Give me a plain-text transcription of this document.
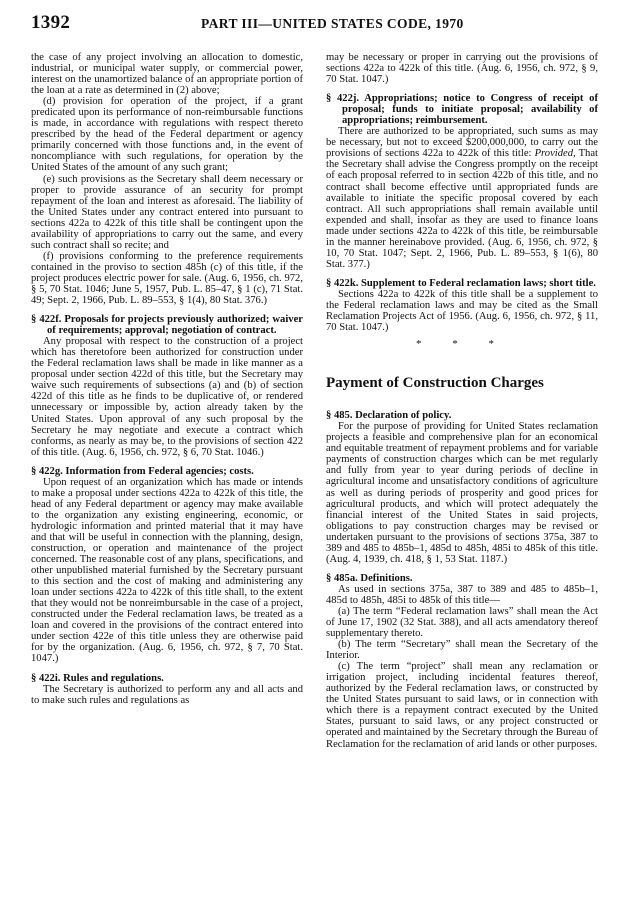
1392	PART III—UNITED STATES CODE, 1970

the case of any project involving an allocation to domestic, industrial, or municipal water supply, or commercial power, interest on the unamortized balance of an appropriate portion of the loan at a rate as determined in (2) above;

(d) provision for operation of the project, if a grant predicated upon its performance of non-reimbursable functions is made, in accordance with regulations with respect thereto prescribed by the head of the Federal department or agency primarily concerned with those functions and, in the event of noncompliance with such regulations, for operation by the United States of the amount of any such grant;

(e) such provisions as the Secretary shall deem necessary or proper to provide assurance of an security for prompt repayment of the loan and interest as aforesaid. The liability of the United States under any contract entered into pursuant to sections 422a to 422k of this title shall be contingent upon the availability of appropriations to carry out the same, and every such contract shall so recite; and

(f) provisions conforming to the preference requirements contained in the proviso to section 485h (c) of this title, if the project produces electric power for sale. (Aug. 6, 1956, ch. 972, § 5, 70 Stat. 1046; June 5, 1957, Pub. L. 85–47, § 1 (c), 71 Stat. 49; Sept. 2, 1966, Pub. L. 89–553, § 1(4), 80 Stat. 376.)

§ 422f. Proposals for projects previously authorized; waiver of requirements; approval; negotiation of contract.

Any proposal with respect to the construction of a project which has theretofore been authorized for construction under the Federal reclamation laws shall be made in like manner as a proposal under section 422d of this title, but the Secretary may waive such requirements of subsections (a) and (b) of section 422d of this title as he finds to be duplicative of, or rendered unnecessary or impossible by, action already taken by the United States. Upon approval of any such proposal by the Secretary he may negotiate and execute a contract which conforms, as nearly as may be, to the provisions of section 422 of this title. (Aug. 6, 1956, ch. 972, § 6, 70 Stat. 1046.)

§ 422g. Information from Federal agencies; costs.

Upon request of an organization which has made or intends to make a proposal under sections 422a to 422k of this title, the head of any Federal department or agency may make available to the organization any existing engineering, economic, or hydrologic information and printed material that it may have and that will be useful in connection with the planning, design, construction, or operation and maintenance of the project concerned. The reasonable cost of any plans, specifications, and other unpublished material furnished by the Secretary pursuant to this section and the cost of making and administering any loan under sections 422a to 422k of this title shall, to the extent that they would not be nonreimbursable in the case of a project, constructed under the Federal reclamation laws, be treated as a loan and covered in the provisions of the contract entered into under section 422e of this title unless they are otherwise paid for by the organization. (Aug. 6, 1956, ch. 972, § 7, 70 Stat. 1047.)

§ 422i. Rules and regulations.

The Secretary is authorized to perform any and all acts and to make such rules and regulations as

may be necessary or proper in carrying out the provisions of sections 422a to 422k of this title. (Aug. 6, 1956, ch. 972, § 9, 70 Stat. 1047.)

§ 422j. Appropriations; notice to Congress of receipt of proposal; funds to initiate proposal; availability of appropriations; reimbursement.

There are authorized to be appropriated, such sums as may be necessary, but not to exceed $200,000,000, to carry out the provisions of sections 422a to 422k of this title: Provided, That the Secretary shall advise the Congress promptly on the receipt of each proposal referred to in section 422b of this title, and no contract shall become effective until appropriated funds are available to initiate the specific proposal covered by each contract. All such appropriations shall remain available until expended and shall, insofar as they are used to finance loans made under sections 422a to 422k of this title, be reimbursable in the manner hereinabove provided. (Aug. 6, 1956, ch. 972, § 10, 70 Stat. 1047; Sept. 2, 1966, Pub. L. 89–553, § 1(6), 80 Stat. 377.)

§ 422k. Supplement to Federal reclamation laws; short title.

Sections 422a to 422k of this title shall be a supplement to the Federal reclamation laws and may be cited as the Small Reclamation Projects Act of 1956. (Aug. 6, 1956, ch. 972, § 11, 70 Stat. 1047.)

* * *

Payment of Construction Charges

§ 485. Declaration of policy.

For the purpose of providing for United States reclamation projects a feasible and comprehensive plan for an economical and equitable treatment of repayment problems and for variable payments of construction charges which can be met regularly and fully from year to year during periods of decline in agricultural income and unsatisfactory conditions of agriculture as well as during periods of prosperity and good prices for agricultural products, and which will protect adequately the financial interest of the United States in said projects, obligations to pay construction charges may be revised or undertaken pursuant to the provisions of sections 375a, 387 to 389 and 485 to 485b–1, 485d to 485h, 485i to 485k of this title. (Aug. 4, 1939, ch. 418, § 1, 53 Stat. 1187.)

§ 485a. Definitions.

As used in sections 375a, 387 to 389 and 485 to 485b–1, 485d to 485h, 485i to 485k of this title—

(a) The term “Federal reclamation laws” shall mean the Act of June 17, 1902 (32 Stat. 388), and all acts amendatory thereof supplementary thereto.

(b) The term “Secretary” shall mean the Secretary of the Interior.

(c) The term “project” shall mean any reclamation or irrigation project, including incidental features thereof, authorized by the Federal reclamation laws, or constructed by the United States pursuant to said laws, or in connection with which there is a repayment contract executed by the United States, pursuant to said laws, or any project constructed or operated and maintained by the Secretary through the Bureau of Reclamation for the reclamation of arid lands or other purposes.
